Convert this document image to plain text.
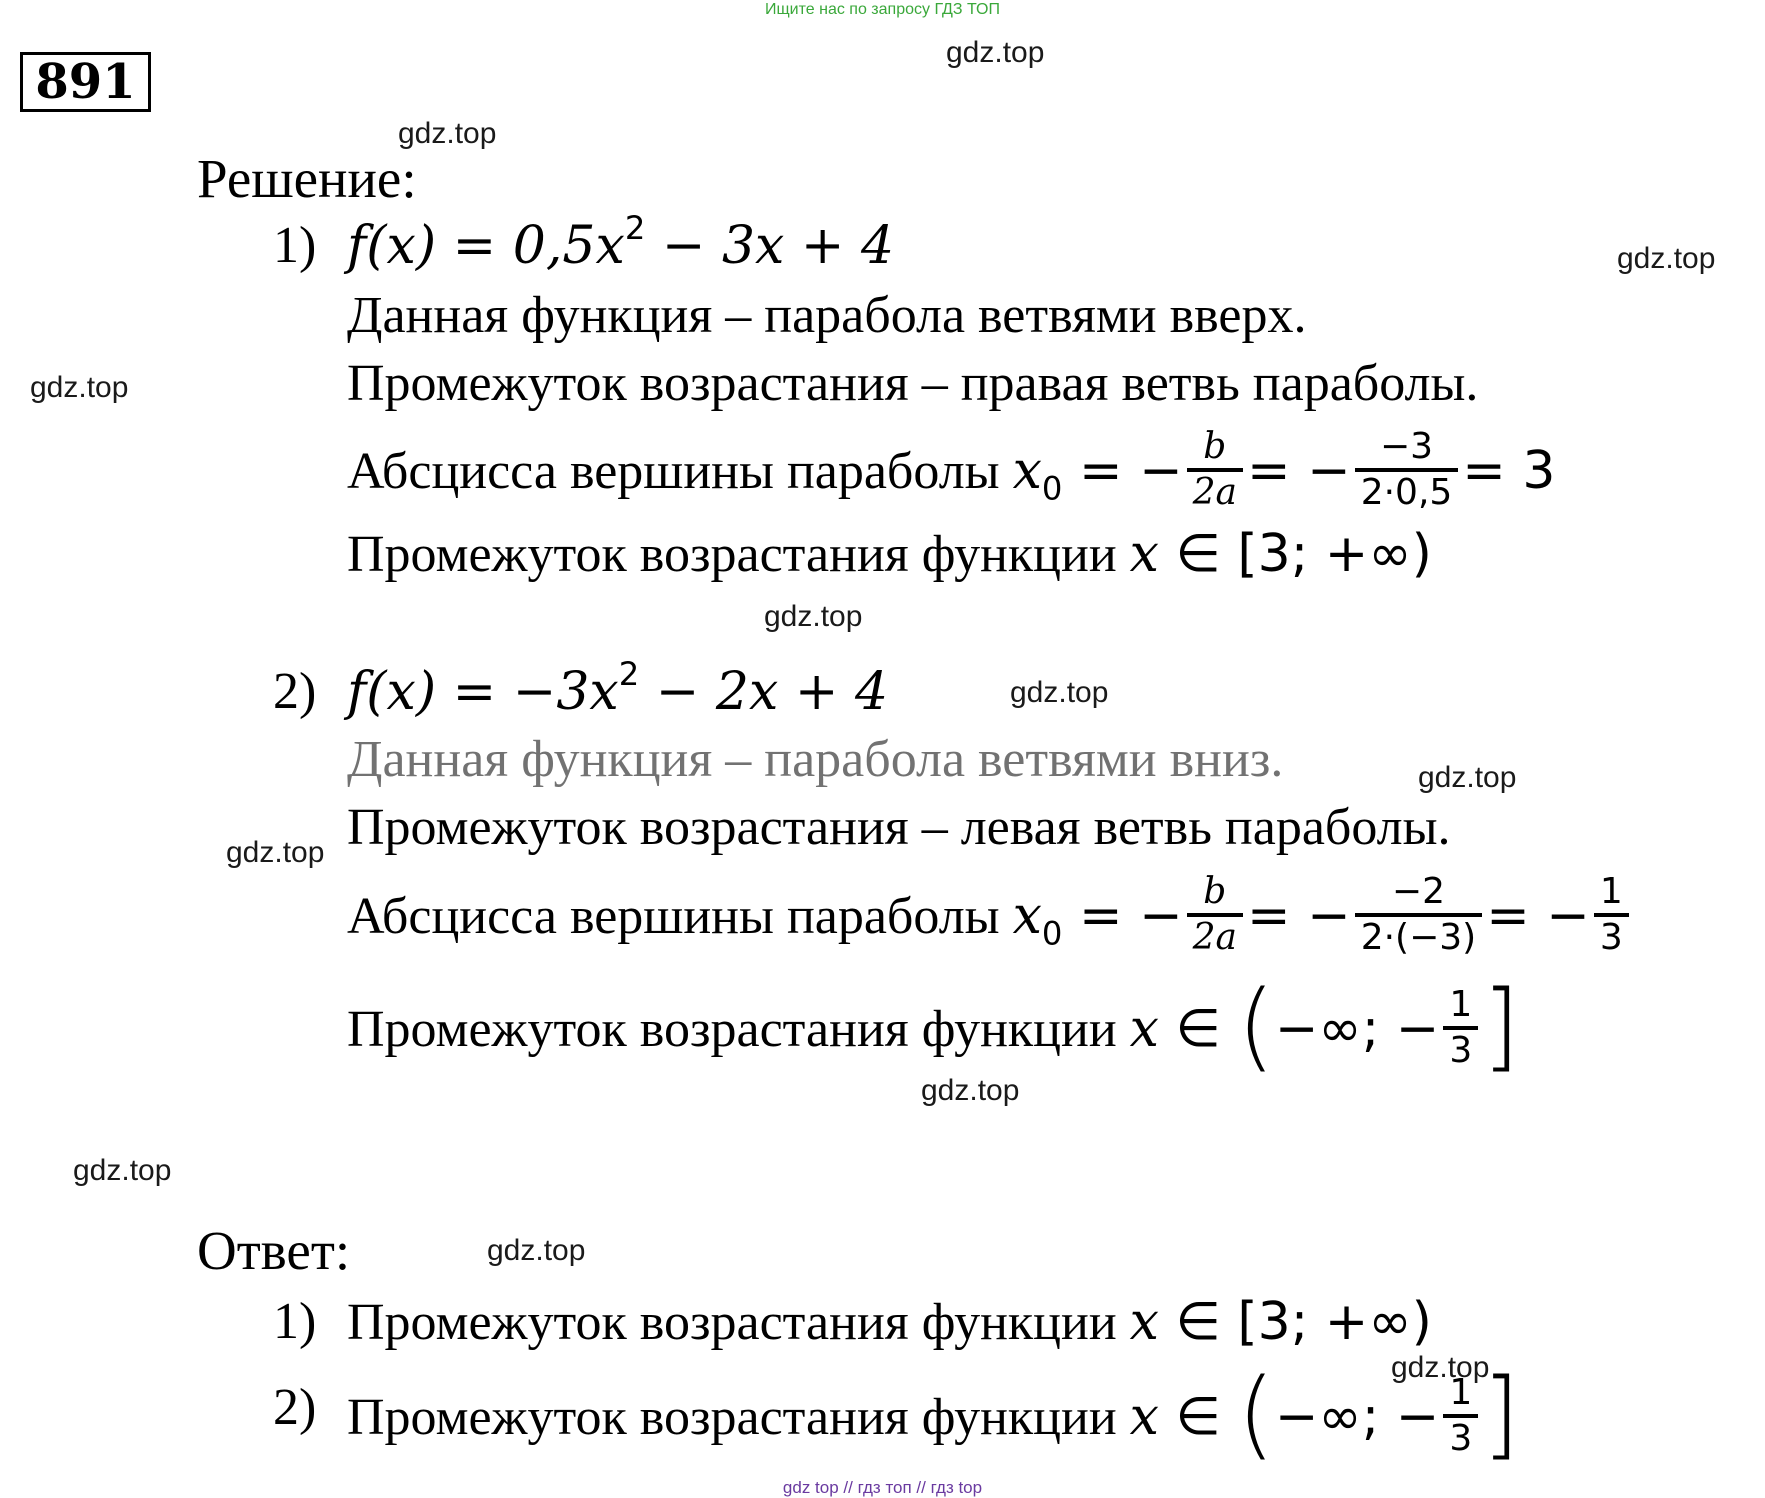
Ищите нас по запросу ГДЗ ТОП
891
gdz.top
gdz.top
gdz.top
gdz.top
gdz.top
gdz.top
gdz.top
gdz.top
gdz.top
gdz.top
gdz.top
gdz.top
Решение:
1) $f(x) = 0,5x^2 - 3x + 4$
Данная функция – парабола ветвями вверх.
Промежуток возрастания – правая ветвь параболы.
Абсцисса вершины параболы $x_0$ = − $\frac{b}{2a}$ = − $\frac{-3}{2\cdot 0,5} = 3$
Промежуток возрастания функции x ∈ [3; +∞)
2) $f(x) = -3x^2 - 2x + 4$
Данная функция – парабола ветвями вниз.
Промежуток возрастания – левая ветвь параболы.
Абсцисса вершины параболы $x_0$ = − $\frac{b}{2a}$ = − $\frac{-2}{2\cdot(-3)}$ = − $\frac{1}{3}$
Промежуток возрастания функции x ∈ (−∞; − $\frac{1}{3}$ ]
Ответ:
1) Промежуток возрастания функции x ∈ [3; +∞)
2) Промежуток возрастания функции x ∈ (−∞; − $\frac{1}{3}$ ]
gdz top // гдз топ // гдз top
